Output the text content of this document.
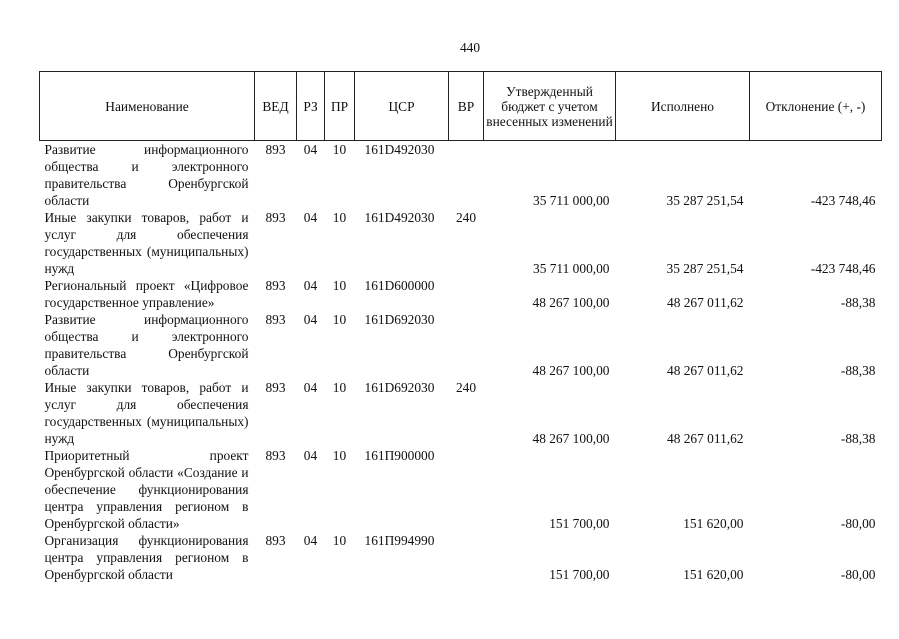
440
Наименование	ВЕД	РЗ	ПР	ЦСР	ВР	Утвержденный бюджет с учетом внесенных изменений	Исполнено	Отклонение (+, -)
Развитие информационного общества и электронного правительства Оренбургской области	893	04	10	161D492030		35 711 000,00	35 287 251,54	-423 748,46
Иные закупки товаров, работ и услуг для обеспечения государственных (муниципальных) нужд	893	04	10	161D492030	240	35 711 000,00	35 287 251,54	-423 748,46
Региональный проект «Цифровое государственное управление»	893	04	10	161D600000		48 267 100,00	48 267 011,62	-88,38
Развитие информационного общества и электронного правительства Оренбургской области	893	04	10	161D692030		48 267 100,00	48 267 011,62	-88,38
Иные закупки товаров, работ и услуг для обеспечения государственных (муниципальных) нужд	893	04	10	161D692030	240	48 267 100,00	48 267 011,62	-88,38
Приоритетный проект Оренбургской области «Создание и обеспечение функционирования центра управления регионом в Оренбургской области»	893	04	10	161П900000		151 700,00	151 620,00	-80,00
Организация функционирования центра управления регионом в Оренбургской области	893	04	10	161П994990		151 700,00	151 620,00	-80,00
